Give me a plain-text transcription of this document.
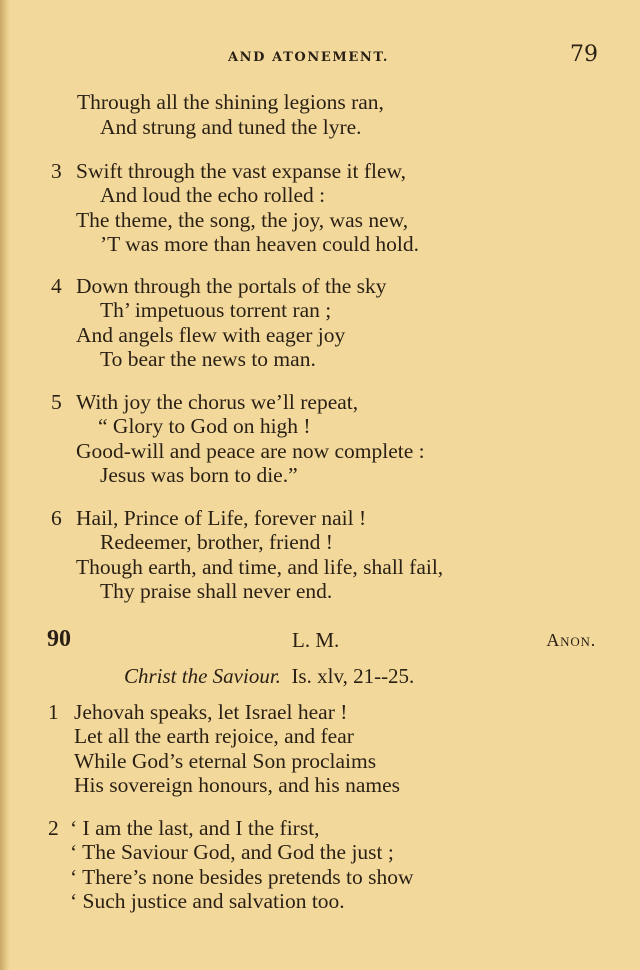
AND ATONEMENT.	79
Through all the shining legions ran,
And strung and tuned the lyre.
3 Swift through the vast expanse it flew,
And loud the echo rolled :
The theme, the song, the joy, was new,
’T was more than heaven could hold.
4 Down through the portals of the sky
Th’ impetuous torrent ran ;
And angels flew with eager joy
To bear the news to man.
5 With joy the chorus we’ll repeat,
“ Glory to God on high !
Good-will and peace are now complete :
Jesus was born to die.”
6 Hail, Prince of Life, forever nail !
Redeemer, brother, friend !
Though earth, and time, and life, shall fail,
Thy praise shall never end.
90	L. M.	Anon.
Christ the Saviour. Is. xlv, 21--25.
1 Jehovah speaks, let Israel hear !
Let all the earth rejoice, and fear
While God’s eternal Son proclaims
His sovereign honours, and his names
2 ‘ I am the last, and I the first,
‘ The Saviour God, and God the just ;
‘ There’s none besides pretends to show
‘ Such justice and salvation too.
